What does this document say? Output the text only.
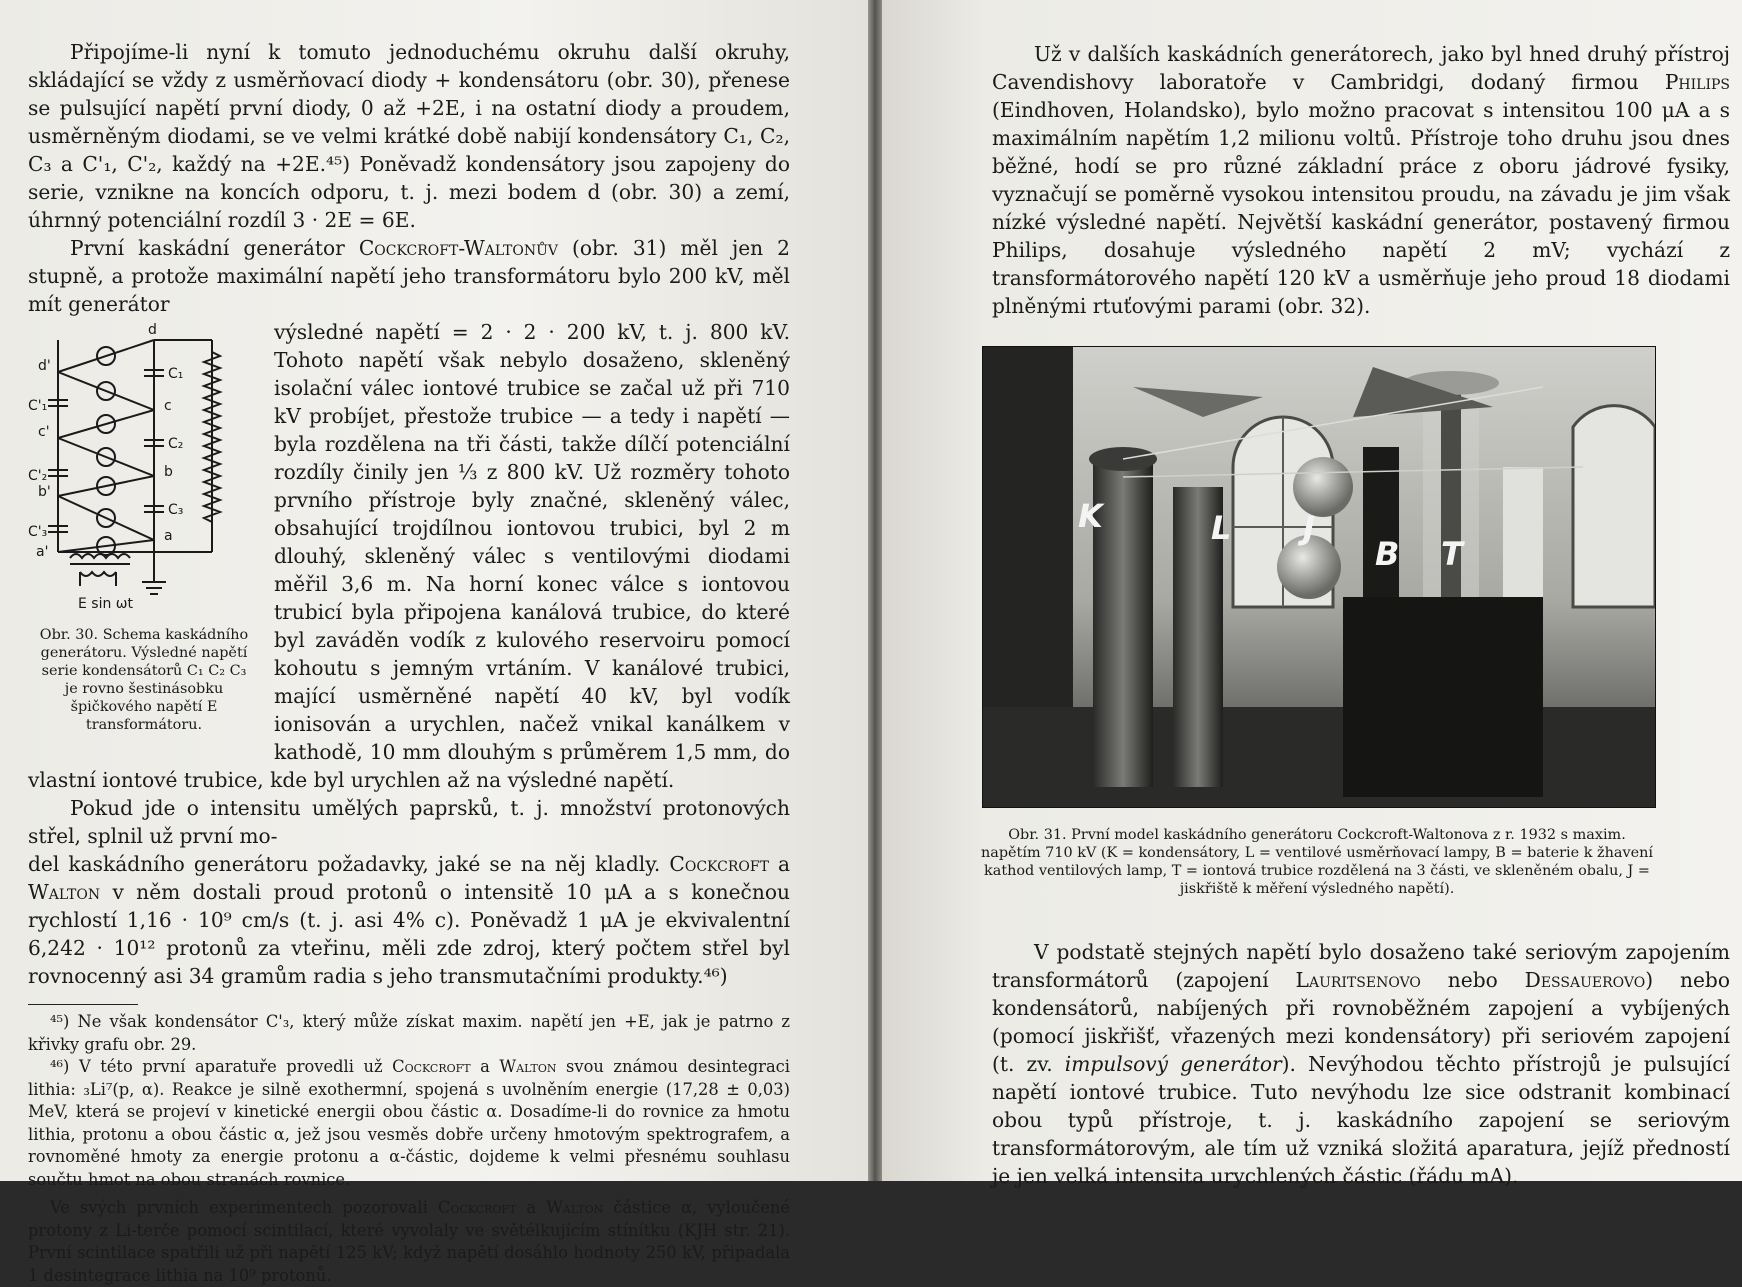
Připojíme-li nyní k tomuto jednoduchému okruhu další okruhy, skládající se vždy z usměrňovací diody + kondensátoru (obr. 30), přenese se pulsující napětí první diody, 0 až +2E, i na ostatní diody a proudem, usměrněným diodami, se ve velmi krátké době nabijí kondensátory C₁, C₂, C₃ a C'₁, C'₂, každý na +2E.⁴⁵) Poněvadž kondensátory jsou zapojeny do serie, vznikne na koncích odporu, t. j. mezi bodem d (obr. 30) a zemí, úhrnný potenciální rozdíl 3 · 2E = 6E.

První kaskádní generátor Cockcroft-Waltonův (obr. 31) měl jen 2 stupně, a protože maximální napětí jeho transformátoru bylo 200 kV, měl mít generátor

d
d'
c
c'
b
b'
a
a'
C₁
C₂
C₃
C'₁
C'₂
C'₃
E sin ωt
Obr. 30. Schema kaskádního generátoru. Výsledné napětí serie kondensátorů C₁ C₂ C₃ je rovno šestinásobku špičkového napětí E transformátoru.

výsledné napětí = 2 · 2 · 200 kV, t. j. 800 kV. Tohoto napětí však nebylo dosaženo, skleněný isolační válec iontové trubice se začal už při 710 kV probíjet, přestože trubice — a tedy i napětí — byla rozdělena na tři části, takže dílčí potenciální rozdíly činily jen ⅓ z 800 kV. Už rozměry tohoto prvního přístroje byly značné, skleněný válec, obsahující trojdílnou iontovou trubici, byl 2 m dlouhý, skleněný válec s ventilovými diodami měřil 3,6 m. Na horní konec válce s iontovou trubicí byla připojena kanálová trubice, do které byl zaváděn vodík z kulového reservoiru pomocí kohoutu s jemným vrtáním. V kanálové trubici, mající usměrněné napětí 40 kV, byl vodík ionisován a urychlen, načež vnikal kanálkem v kathodě, 10 mm dlouhým s průměrem 1,5 mm, do vlastní iontové trubice, kde byl urychlen až na výsledné napětí.

Pokud jde o intensitu umělých paprsků, t. j. množství protonových střel, splnil už první mo-

del kaskádního generátoru požadavky, jaké se na něj kladly. Cockcroft a Walton v něm dostali proud protonů o intensitě 10 μA a s konečnou rychlostí 1,16 · 10⁹ cm/s (t. j. asi 4% c). Poněvadž 1 μA je ekvivalentní 6,242 · 10¹² protonů za vteřinu, měli zde zdroj, který počtem střel byl rovnocenný asi 34 gramům radia s jeho transmutačními produkty.⁴⁶)

⁴⁵) Ne však kondensátor C'₃, který může získat maxim. napětí jen +E, jak je patrno z křivky grafu obr. 29.

⁴⁶) V této první aparatuře provedli už Cockcroft a Walton svou známou desintegraci lithia: ₃Li⁷(p, α). Reakce je silně exothermní, spojená s uvolněním energie (17,28 ± 0,03) MeV, která se projeví v kinetické energii obou částic α. Dosadíme-li do rovnice za hmotu lithia, protonu a obou částic α, jež jsou vesměs dobře určeny hmotovým spektrografem, a rovnoměné hmoty za energie protonu a α-částic, dojdeme k velmi přesnému souhlasu součtu hmot na obou stranách rovnice.

Ve svých prvních experimentech pozorovali Cockcroft a Walton částice α, vyloučené protony z Li-terče pomocí scintilací, které vyvolaly ve světélkujícím stínítku (KJH str. 21). První scintilace spatřili už při napětí 125 kV; když napětí dosáhlo hodnoty 250 kV, připadala 1 desintegrace lithia na 10⁹ protonů.

Už v dalších kaskádních generátorech, jako byl hned druhý přístroj Cavendishovy laboratoře v Cambridgi, dodaný firmou Philips (Eindhoven, Holandsko), bylo možno pracovat s intensitou 100 μA a s maximálním napětím 1,2 milionu voltů. Přístroje toho druhu jsou dnes běžné, hodí se pro různé základní práce z oboru jádrové fysiky, vyznačují se poměrně vysokou intensitou proudu, na závadu je jim však nízké výsledné napětí. Největší kaskádní generátor, postavený firmou Philips, dosahuje výsledného napětí 2 mV; vychází z transformátorového napětí 120 kV a usměrňuje jeho proud 18 diodami plněnými rtuťovými parami (obr. 32).

K	L J
B T
Obr. 31. První model kaskádního generátoru Cockcroft-Waltonova z r. 1932 s maxim. napětím 710 kV (K = kondensátory, L = ventilové usměrňovací lampy, B = baterie k žhavení kathod ventilových lamp, T = iontová trubice rozdělená na 3 části, ve skleněném obalu, J = jiskřiště k měření výsledného napětí).

V podstatě stejných napětí bylo dosaženo také seriovým zapojením transformátorů (zapojení Lauritsenovo nebo Dessauerovo) nebo kondensátorů, nabíjených při rovnoběžném zapojení a vybíjených (pomocí jiskřišť, vřazených mezi kondensátory) při seriovém zapojení (t. zv. impulsový generátor). Nevýhodou těchto přístrojů je pulsující napětí iontové trubice. Tuto nevýhodu lze sice odstranit kombinací obou typů přístroje, t. j. kaskádního zapojení se seriovým transformátorovým, ale tím už vzniká složitá aparatura, jejíž předností je jen velká intensita urychlených částic (řádu mA).
